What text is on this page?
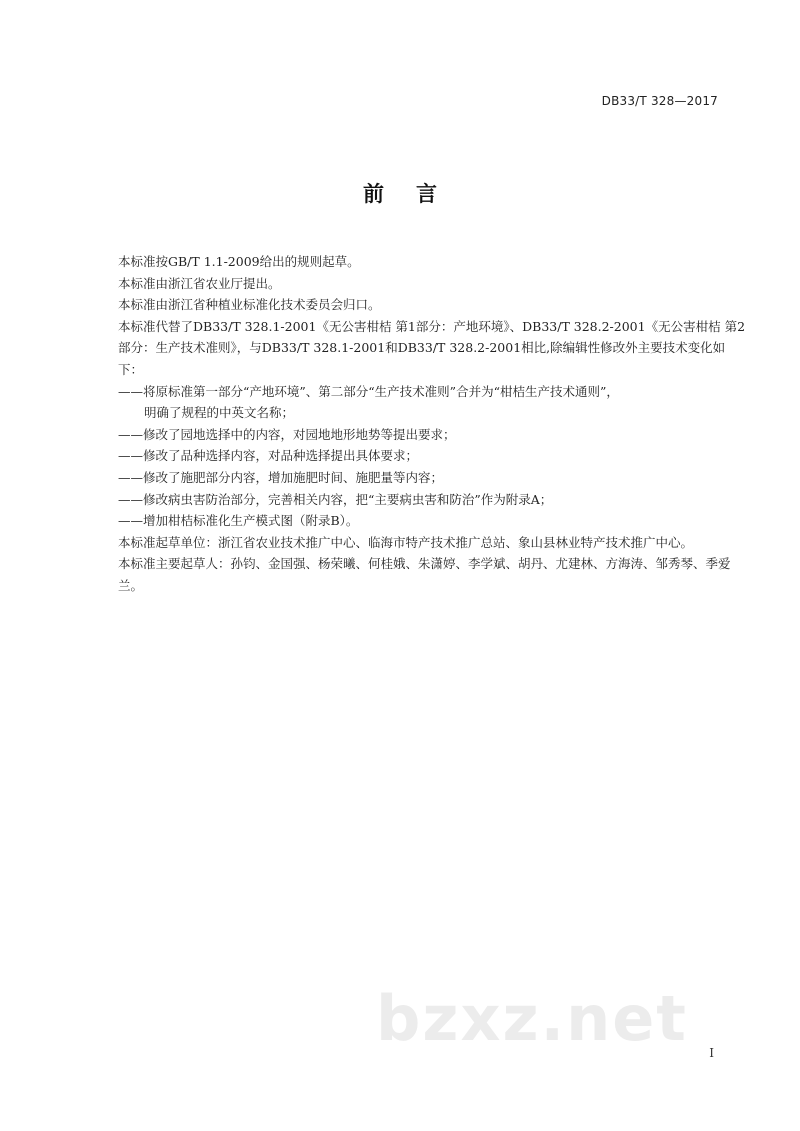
DB33/T 328—2017
前 言

本标准按GB/T 1.1-2009给出的规则起草。

本标准由浙江省农业厅提出。

本标准由浙江省种植业标准化技术委员会归口。

本标准代替了DB33/T 328.1-2001《无公害柑桔 第1部分：产地环境》、DB33/T 328.2-2001《无公害柑桔 第2部分：生产技术准则》，与DB33/T 328.1-2001和DB33/T 328.2-2001相比,除编辑性修改外主要技术变化如下：

——将原标准第一部分“产地环境”、第二部分“生产技术准则”合并为“柑桔生产技术通则”，
明确了规程的中英文名称；
——修改了园地选择中的内容，对园地地形地势等提出要求；
——修改了品种选择内容，对品种选择提出具体要求；
——修改了施肥部分内容，增加施肥时间、施肥量等内容；
——修改病虫害防治部分，完善相关内容，把“主要病虫害和防治”作为附录A；
——增加柑桔标准化生产模式图（附录B）。

本标准起草单位：浙江省农业技术推广中心、临海市特产技术推广总站、象山县林业特产技术推广中心。

本标准主要起草人：孙钧、金国强、杨荣曦、何桂娥、朱潇婷、李学斌、胡丹、尤建林、方海涛、邹秀琴、季爱兰。

bzxz.net I
